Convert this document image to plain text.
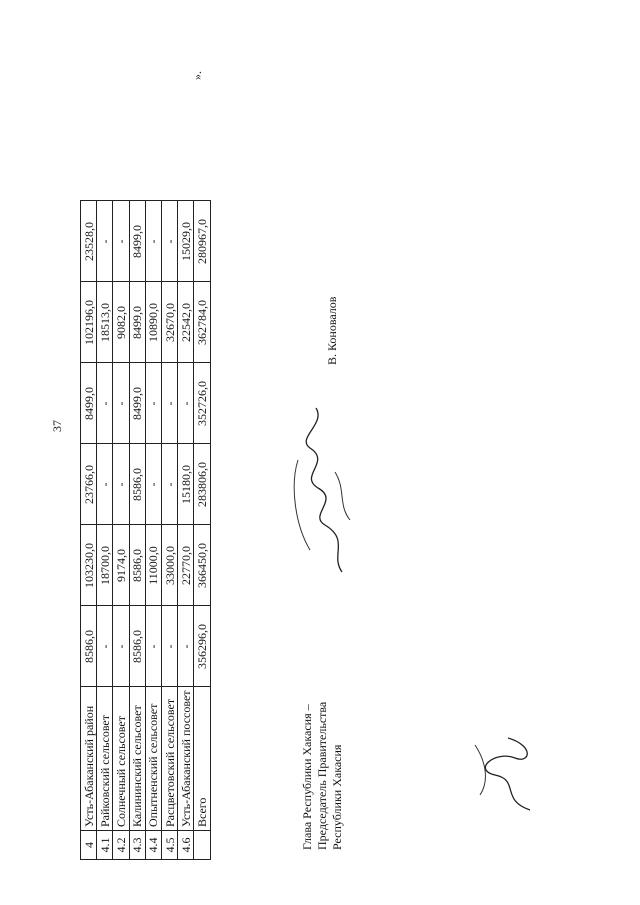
37
4	Усть-Абаканский район	8586,0	103230,0	23766,0	8499,0	102196,0	23528,0
4.1	Райковский сельсовет	-	18700,0	-	-	18513,0	-
4.2	Солнечный сельсовет	-	9174,0	-	-	9082,0	-
4.3	Калининский сельсовет	8586,0	8586,0	8586,0	8499,0	8499,0	8499,0
4.4	Опытненский сельсовет	-	11000,0	-	-	10890,0	-
4.5	Расцветовский сельсовет	-	33000,0	-	-	32670,0	-
4.6	Усть-Абаканский поссовет	-	22770,0	15180,0	-	22542,0	15029,0
	Всего	356296,0	366450,0	283806,0	352726,0	362784,0	280967,0
».
Глава Республики Хакасия – Председатель Правительства Республики Хакасия
В. Коновалов
